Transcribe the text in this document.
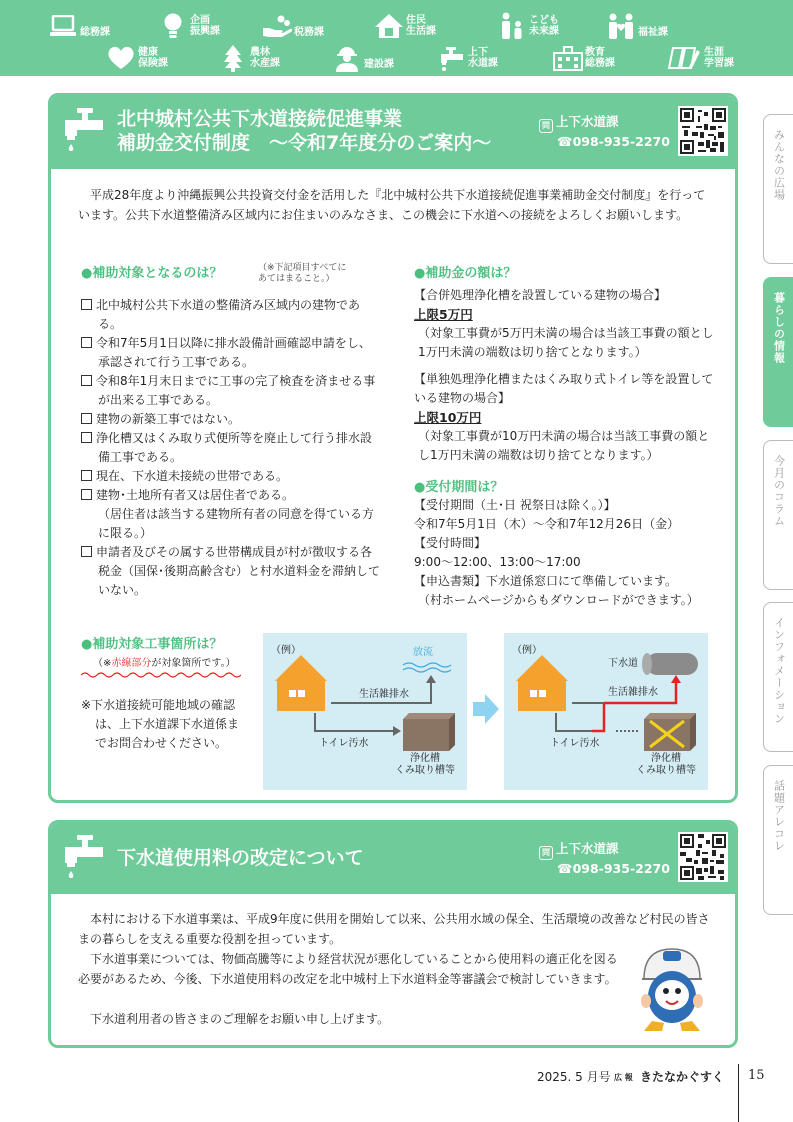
総務課
企画
振興課	税務課
住民
生活課
こども
未来課	福祉課
健康
保険課
農林
水産課	建設課
上下
水道課
教育
総務課
生涯
学習課
みんなの広場
暮らしの情報
今月のコラム
インフォメーション
話題アレコレ
北中城村公共下水道接続促進事業
補助金交付制度　〜令和7年度分のご案内〜
問 上下水道課
☎098-935-2270
　平成28年度より沖縄振興公共投資交付金を活用した『北中城村公共下水道接続促進事業補助金交付制度』を行っています。公共下水道整備済み区域内にお住まいのみなさま、この機会に下水道への接続をよろしくお願いします。
●補助対象となるのは？	（※下記項目すべてに
あてはまること。）
北中城村公共下水道の整備済み区域内の建物である。
令和7年5月1日以降に排水設備計画確認申請をし、承認されて行う工事である。
令和8年1月末日までに工事の完了検査を済ませる事が出来る工事である。
建物の新築工事ではない。
浄化槽又はくみ取り式便所等を廃止して行う排水設備工事である。
現在、下水道未接続の世帯である。
建物･土地所有者又は居住者である。
（居住者は該当する建物所有者の同意を得ている方に限る。）
申請者及びその属する世帯構成員が村が徴収する各税金（国保･後期高齢含む）と村水道料金を滞納していない。
●補助金の額は？
【合併処理浄化槽を設置している建物の場合】
上限5万円
（対象工事費が5万円未満の場合は当該工事費の額とし1万円未満の端数は切り捨てとなります。）
【単独処理浄化槽またはくみ取り式トイレ等を設置している建物の場合】
上限10万円
（対象工事費が10万円未満の場合は当該工事費の額とし1万円未満の端数は切り捨てとなります。）
●受付期間は？
【受付期間（土･日 祝祭日は除く。）】
令和7年5月1日（木）〜令和7年12月26日（金）
【受付時間】
9:00〜12:00、13:00〜17:00
【申込書類】下水道係窓口にて準備しています。
（村ホームページからもダウンロードができます。）
●補助対象工事箇所は？
（※赤線部分が対象箇所です。）
※下水道接続可能地域の確認は、上下水道課下水道係までお問合わせください。
（例）	放流
生活雑排水
トイレ汚水
浄化槽
くみ取り槽等
（例）
下水道
生活雑排水
トイレ汚水
浄化槽
くみ取り槽等
下水道使用料の改定について	問 上下水道課
☎098-935-2270
　本村における下水道事業は、平成9年度に供用を開始して以来、公共用水域の保全、生活環境の改善など村民の皆さまの暮らしを支える重要な役割を担っています。
　下水道事業については、物価高騰等により経営状況が悪化していることから使用料の適正化を図る必要があるため、今後、下水道使用料の改定を北中城村上下水道料金等審議会で検討していきます。
　下水道利用者の皆さまのご理解をお願い申し上げます。
2025. 5 月号 広 報 きたなかぐすく 15
